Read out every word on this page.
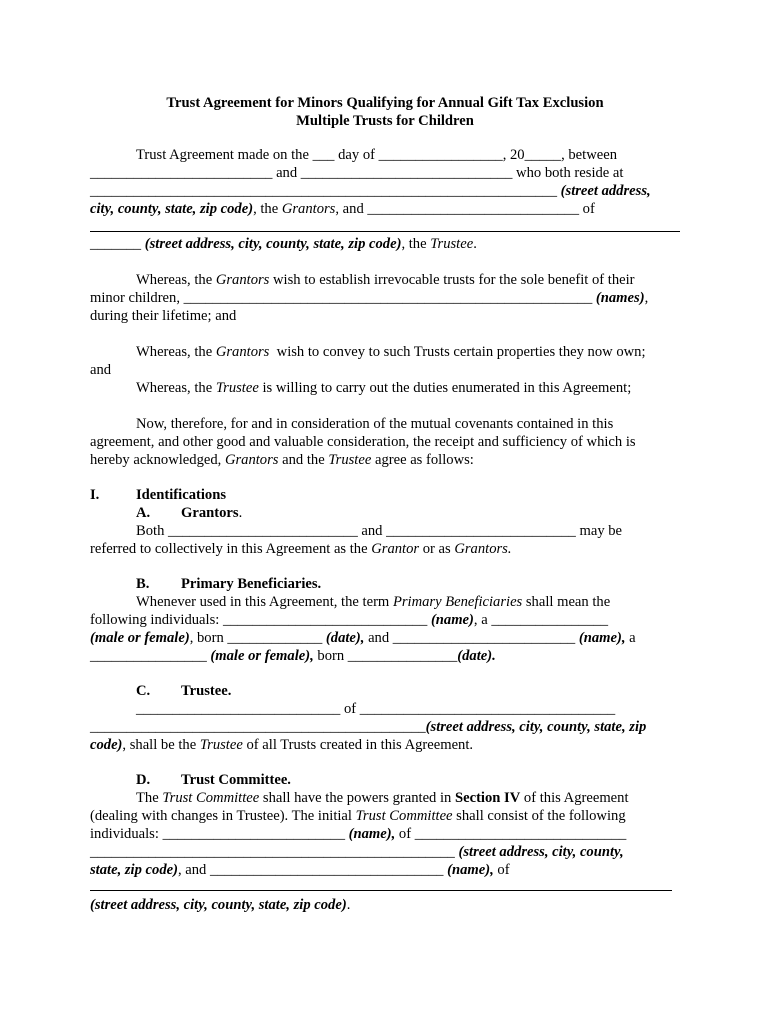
Trust Agreement for Minors Qualifying for Annual Gift Tax Exclusion
Multiple Trusts for Children
Trust Agreement made on the ___ day of _________________, 20_____, between
_________________________ and _____________________________ who both reside at
________________________________________________________________ (street address,
city, county, state, zip code), the Grantors, and _____________________________ of
_______ (street address, city, county, state, zip code), the Trustee.
Whereas, the Grantors wish to establish irrevocable trusts for the sole benefit of their
minor children, ________________________________________________________ (names),
during their lifetime; and
Whereas, the Grantors  wish to convey to such Trusts certain properties they now own;
and
Whereas, the Trustee is willing to carry out the duties enumerated in this Agreement;
Now, therefore, for and in consideration of the mutual covenants contained in this
agreement, and other good and valuable consideration, the receipt and sufficiency of which is
hereby acknowledged, Grantors and the Trustee agree as follows:
I.	Identifications
A. Grantors.
Both __________________________ and __________________________ may be
referred to collectively in this Agreement as the Grantor or as Grantors.
B. Primary Beneficiaries.
Whenever used in this Agreement, the term Primary Beneficiaries shall mean the
following individuals: ____________________________ (name), a ________________
(male or female), born _____________ (date), and _________________________ (name), a
________________ (male or female), born _______________(date).
C. Trustee.
____________________________ of ___________________________________
______________________________________________(street address, city, county, state, zip
code), shall be the Trustee of all Trusts created in this Agreement.
D. Trust Committee.
The Trust Committee shall have the powers granted in Section IV of this Agreement
(dealing with changes in Trustee). The initial Trust Committee shall consist of the following
individuals: _________________________ (name), of _____________________________
__________________________________________________ (street address, city, county,
state, zip code), and ________________________________ (name), of
(street address, city, county, state, zip code).
